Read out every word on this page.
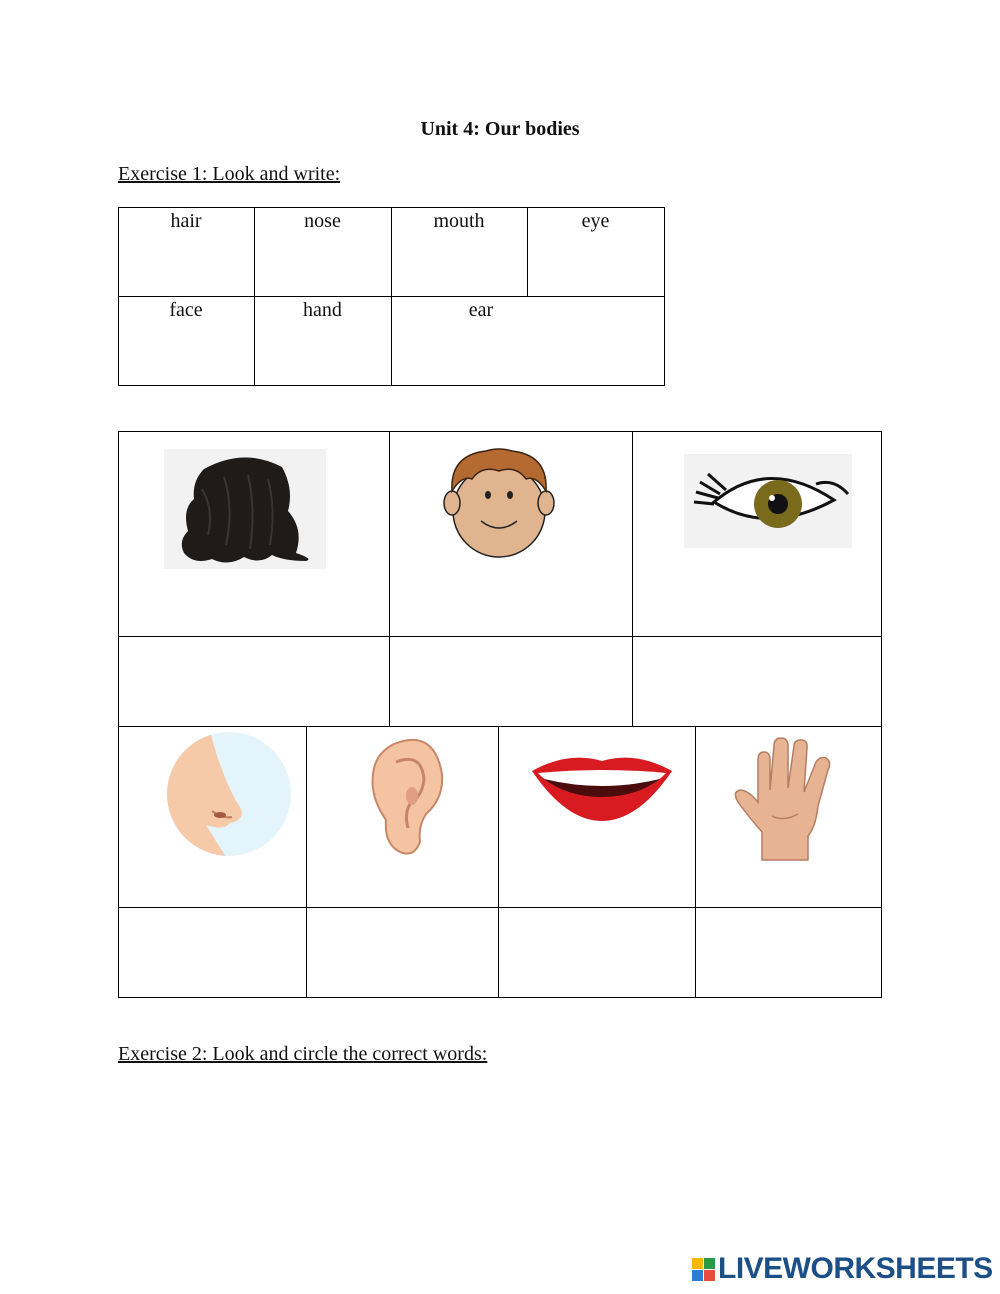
Unit 4: Our bodies
Exercise 1: Look and write:
hair	nose	mouth	eye
face	hand	ear
Exercise 2: Look and circle the correct words:
LIVEWORKSHEETS
